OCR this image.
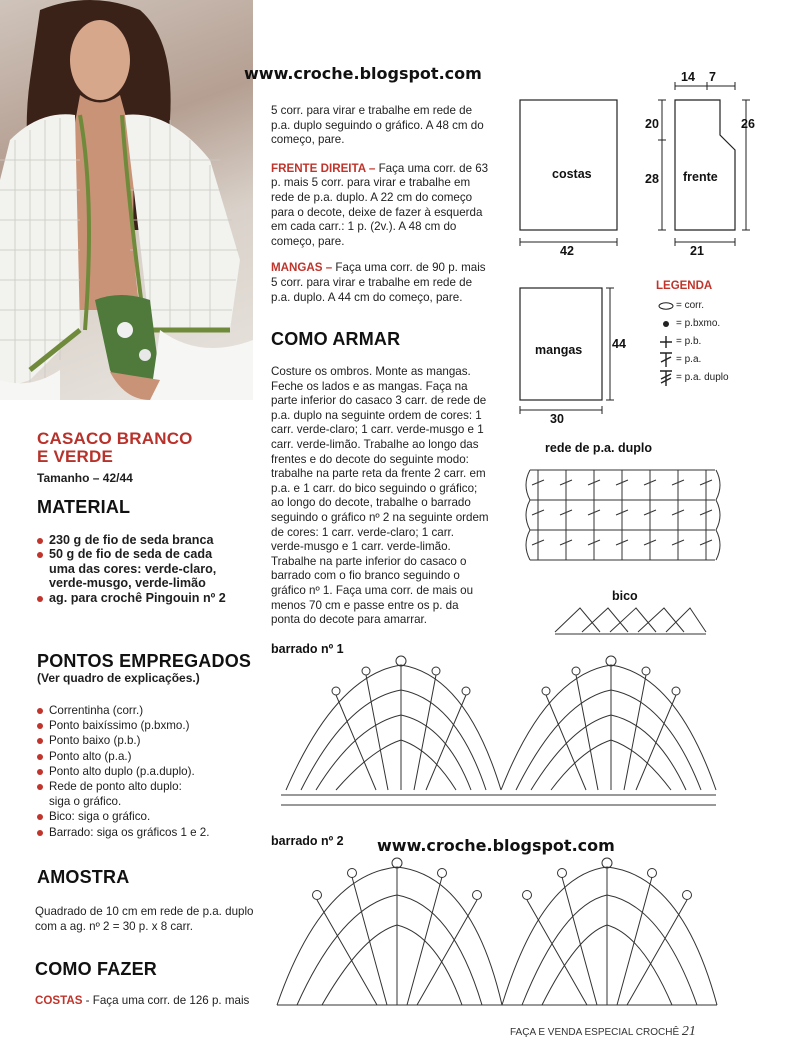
www.croche.blogspot.com
CASACO BRANCO
E VERDE
Tamanho – 42/44
MATERIAL
230 g de fio de seda branca
50 g de fio de seda de cada uma das cores: verde-claro, verde-musgo, verde-limão
ag. para crochê Pingouin nº 2
PONTOS EMPREGADOS
(Ver quadro de explicações.)
Correntinha (corr.)
Ponto baixíssimo (p.bxmo.)
Ponto baixo (p.b.)
Ponto alto (p.a.)
Ponto alto duplo (p.a.duplo).
Rede de ponto alto duplo: siga o gráfico.
Bico: siga o gráfico.
Barrado: siga os gráficos 1 e 2.
AMOSTRA
Quadrado de 10 cm em rede de p.a. duplo com a ag. nº 2 = 30 p. x 8 carr.
COMO FAZER
COSTAS - Faça uma corr. de 126 p. mais

5 corr. para virar e trabalhe em rede de p.a. duplo seguindo o gráfico. A 48 cm do começo, pare.

FRENTE DIREITA – Faça uma corr. de 63 p. mais 5 corr. para virar e trabalhe em rede de p.a. duplo. A 22 cm do começo para o decote, deixe de fazer à esquerda em cada carr.: 1 p. (2v.). A 48 cm do começo, pare.

MANGAS – Faça uma corr. de 90 p. mais 5 corr. para virar e trabalhe em rede de p.a. duplo. A 44 cm do começo, pare.

COMO ARMAR
Costure os ombros. Monte as mangas. Feche os lados e as mangas. Faça na parte inferior do casaco 3 carr. de rede de p.a. duplo na seguinte ordem de cores: 1 carr. verde-claro; 1 carr. verde-musgo e 1 carr. verde-limão. Trabalhe ao longo das frentes e do decote do seguinte modo: trabalhe na parte reta da frente 2 carr. em p.a. e 1 carr. do bico seguindo o gráfico; ao longo do decote, trabalhe o barrado seguindo o gráfico nº 2 na seguinte ordem de cores: 1 carr. verde-claro; 1 carr. verde-musgo e 1 carr. verde-limão. Trabalhe na parte inferior do casaco o barrado com o fio branco seguindo o gráfico nº 1. Faça uma corr. de mais ou menos 70 cm e passe entre os p. da ponta do decote para amarrar.
costas
42
frente
14 7
20
28
26
21
mangas 44
30
LEGENDA
= corr.
= p.bxmo.
= p.b.
= p.a.
= p.a. duplo
rede de p.a. duplo
bico
barrado nº 1
www.croche.blogspot.com
barrado nº 2
FAÇA E VENDA ESPECIAL CROCHÊ 21
